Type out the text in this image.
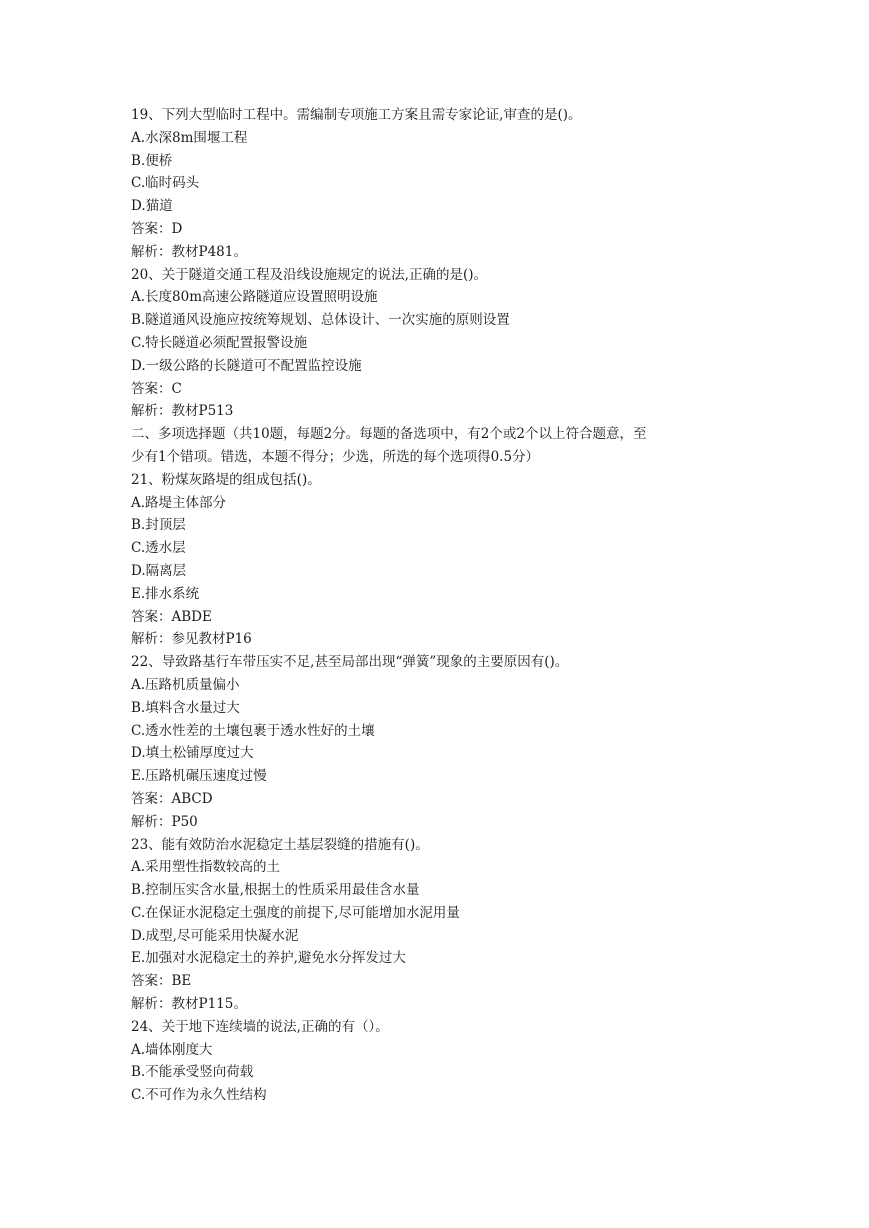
19、下列大型临时工程中。需编制专项施工方案且需专家论证,审查的是()。
A.水深8m围堰工程
B.便桥
C.临时码头
D.猫道
答案：D
解析：教材P481。
20、关于隧道交通工程及沿线设施规定的说法,正确的是()。
A.长度80m高速公路隧道应设置照明设施
B.隧道通风设施应按统筹规划、总体设计、一次实施的原则设置
C.特长隧道必须配置报警设施
D.一级公路的长隧道可不配置监控设施
答案：C
解析：教材P513
二、多项选择题（共10题，每题2分。每题的备选项中，有2个或2个以上符合题意，至
少有1个错项。错选，本题不得分；少选，所选的每个选项得0.5分）
21、粉煤灰路堤的组成包括()。
A.路堤主体部分
B.封顶层
C.透水层
D.隔离层
E.排水系统
答案：ABDE
解析：参见教材P16
22、导致路基行车带压实不足,甚至局部出现“弹簧”现象的主要原因有()。
A.压路机质量偏小
B.填料含水量过大
C.透水性差的土壤包裹于透水性好的土壤
D.填土松铺厚度过大
E.压路机碾压速度过慢
答案：ABCD
解析：P50
23、能有效防治水泥稳定土基层裂缝的措施有()。
A.采用塑性指数较高的土
B.控制压实含水量,根据土的性质采用最佳含水量
C.在保证水泥稳定土强度的前提下,尽可能增加水泥用量
D.成型,尽可能采用快凝水泥
E.加强对水泥稳定土的养护,避免水分挥发过大
答案：BE
解析：教材P115。
24、关于地下连续墙的说法,正确的有（）。
A.墙体刚度大
B.不能承受竖向荷载
C.不可作为永久性结构
